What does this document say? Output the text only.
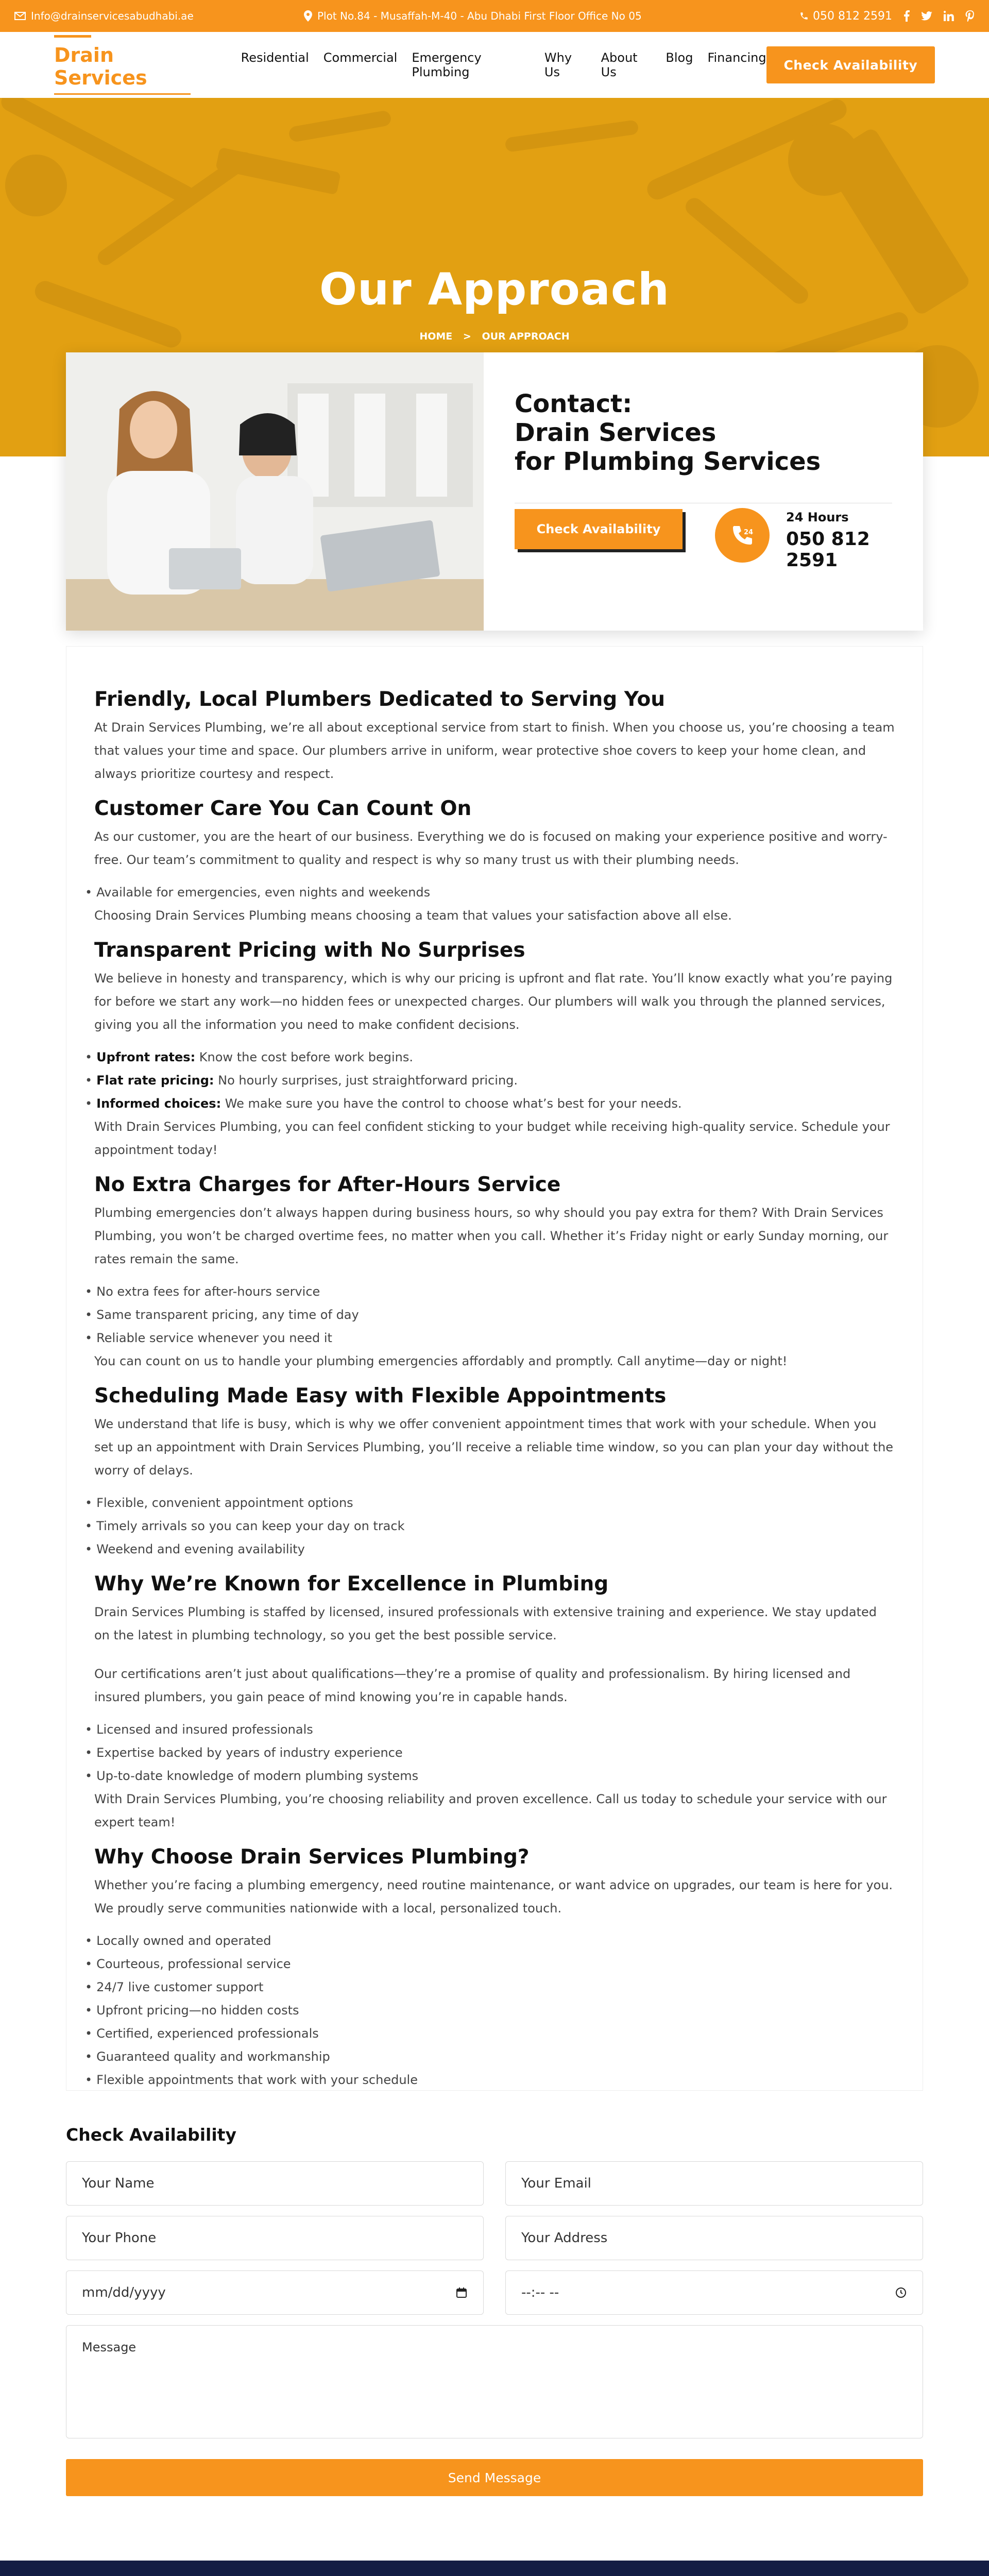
Info@drainservicesabudhabi.ae	Plot No.84 - Musaffah-M-40 - Abu Dhabi First Floor Office No 05	050 812 2591
Drain Services
Residential Commercial Emergency Plumbing
Why Us
About Us
Blog Financing	Check Availability
Our Approach
HOME > OUR APPROACH
Contact:
Drain Services
for Plumbing Services
Check Availability	24
24 Hours
050 812 2591
Friendly, Local Plumbers Dedicated to Serving You

At Drain Services Plumbing, we’re all about exceptional service from start to finish. When you choose us, you’re choosing a team that values your time and space. Our plumbers arrive in uniform, wear protective shoe covers to keep your home clean, and always prioritize courtesy and respect.

Customer Care You Can Count On

As our customer, you are the heart of our business. Everything we do is focused on making your experience positive and worry-free. Our team’s commitment to quality and respect is why so many trust us with their plumbing needs.

• Available for emergencies, even nights and weekends

Choosing Drain Services Plumbing means choosing a team that values your satisfaction above all else.

Transparent Pricing with No Surprises

We believe in honesty and transparency, which is why our pricing is upfront and flat rate. You’ll know exactly what you’re paying for before we start any work—no hidden fees or unexpected charges. Our plumbers will walk you through the planned services, giving you all the information you need to make confident decisions.

• Upfront rates: Know the cost before work begins.
• Flat rate pricing: No hourly surprises, just straightforward pricing.
• Informed choices: We make sure you have the control to choose what’s best for your needs.

With Drain Services Plumbing, you can feel confident sticking to your budget while receiving high-quality service. Schedule your appointment today!

No Extra Charges for After-Hours Service

Plumbing emergencies don’t always happen during business hours, so why should you pay extra for them? With Drain Services Plumbing, you won’t be charged overtime fees, no matter when you call. Whether it’s Friday night or early Sunday morning, our rates remain the same.

• No extra fees for after-hours service
• Same transparent pricing, any time of day
• Reliable service whenever you need it

You can count on us to handle your plumbing emergencies affordably and promptly. Call anytime—day or night!

Scheduling Made Easy with Flexible Appointments

We understand that life is busy, which is why we offer convenient appointment times that work with your schedule. When you set up an appointment with Drain Services Plumbing, you’ll receive a reliable time window, so you can plan your day without the worry of delays.

• Flexible, convenient appointment options
• Timely arrivals so you can keep your day on track
• Weekend and evening availability
Why We’re Known for Excellence in Plumbing

Drain Services Plumbing is staffed by licensed, insured professionals with extensive training and experience. We stay updated on the latest in plumbing technology, so you get the best possible service.

Our certifications aren’t just about qualifications—they’re a promise of quality and professionalism. By hiring licensed and insured plumbers, you gain peace of mind knowing you’re in capable hands.

• Licensed and insured professionals
• Expertise backed by years of industry experience
• Up-to-date knowledge of modern plumbing systems

With Drain Services Plumbing, you’re choosing reliability and proven excellence. Call us today to schedule your service with our expert team!

Why Choose Drain Services Plumbing?

Whether you’re facing a plumbing emergency, need routine maintenance, or want advice on upgrades, our team is here for you. We proudly serve communities nationwide with a local, personalized touch.

• Locally owned and operated
• Courteous, professional service
• 24/7 live customer support
• Upfront pricing—no hidden costs
• Certified, experienced professionals
• Guaranteed quality and workmanship
• Flexible appointments that work with your schedule
Check Availability
Your Name	Your Email
Your Phone	Your Address
mm/dd/yyyy	--:-- --
Message
Send Message
